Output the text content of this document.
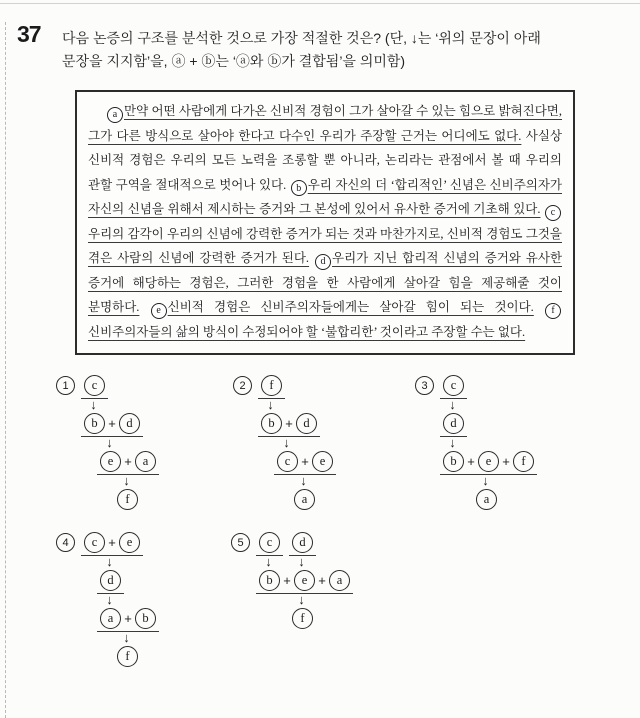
37 다음 논증의 구조를 분석한 것으로 가장 적절한 것은? (단, ↓는 ‘위의 문장이 아래 문장을 지지함’을, ⓐ + ⓑ는 ‘ⓐ와 ⓑ가 결합됨’을 의미함)

a 만약 어떤 사람에게 다가온 신비적 경험이 그가 살아갈 수 있는 힘으로 밝혀진다면, 그가 다른 방식으로 살아야 한다고 다수인 우리가 주장할 근거는 어디에도 없다. 사실상 신비적 경험은 우리의 모든 노력을 조롱할 뿐 아니라, 논리라는 관점에서 볼 때 우리의 관할 구역을 절대적으로 벗어나 있다. b 우리 자신의 더 ‘합리적인’ 신념은 신비주의자가 자신의 신념을 위해서 제시하는 증거와 그 본성에 있어서 유사한 증거에 기초해 있다. c우리의 감각이 우리의 신념에 강력한 증거가 되는 것과 마찬가지로, 신비적 경험도 그것을 겪은 사람의 신념에 강력한 증거가 된다. d 우리가 지닌 합리적 신념의 증거와 유사한 증거에 해당하는 경험은, 그러한 경험을 한 사람에게 살아갈 힘을 제공해줄 것이 분명하다. e 신비적 경험은 신비주의자들에게는 살아갈 힘이 되는 것이다. f신비주의자들의 삶의 방식이 수정되어야 할 ‘불합리한’ 것이라고 주장할 수는 없다.

1	c
↓
b + d
↓
e + a
↓
f
2	f
↓
b + d
↓
c + e
↓
a
3	c
↓
d
↓
b + e + f
↓
a
4	c + e
↓
d
↓
a + b
↓
f
5	c	d
↓ ↓
b + e + a
↓
f
